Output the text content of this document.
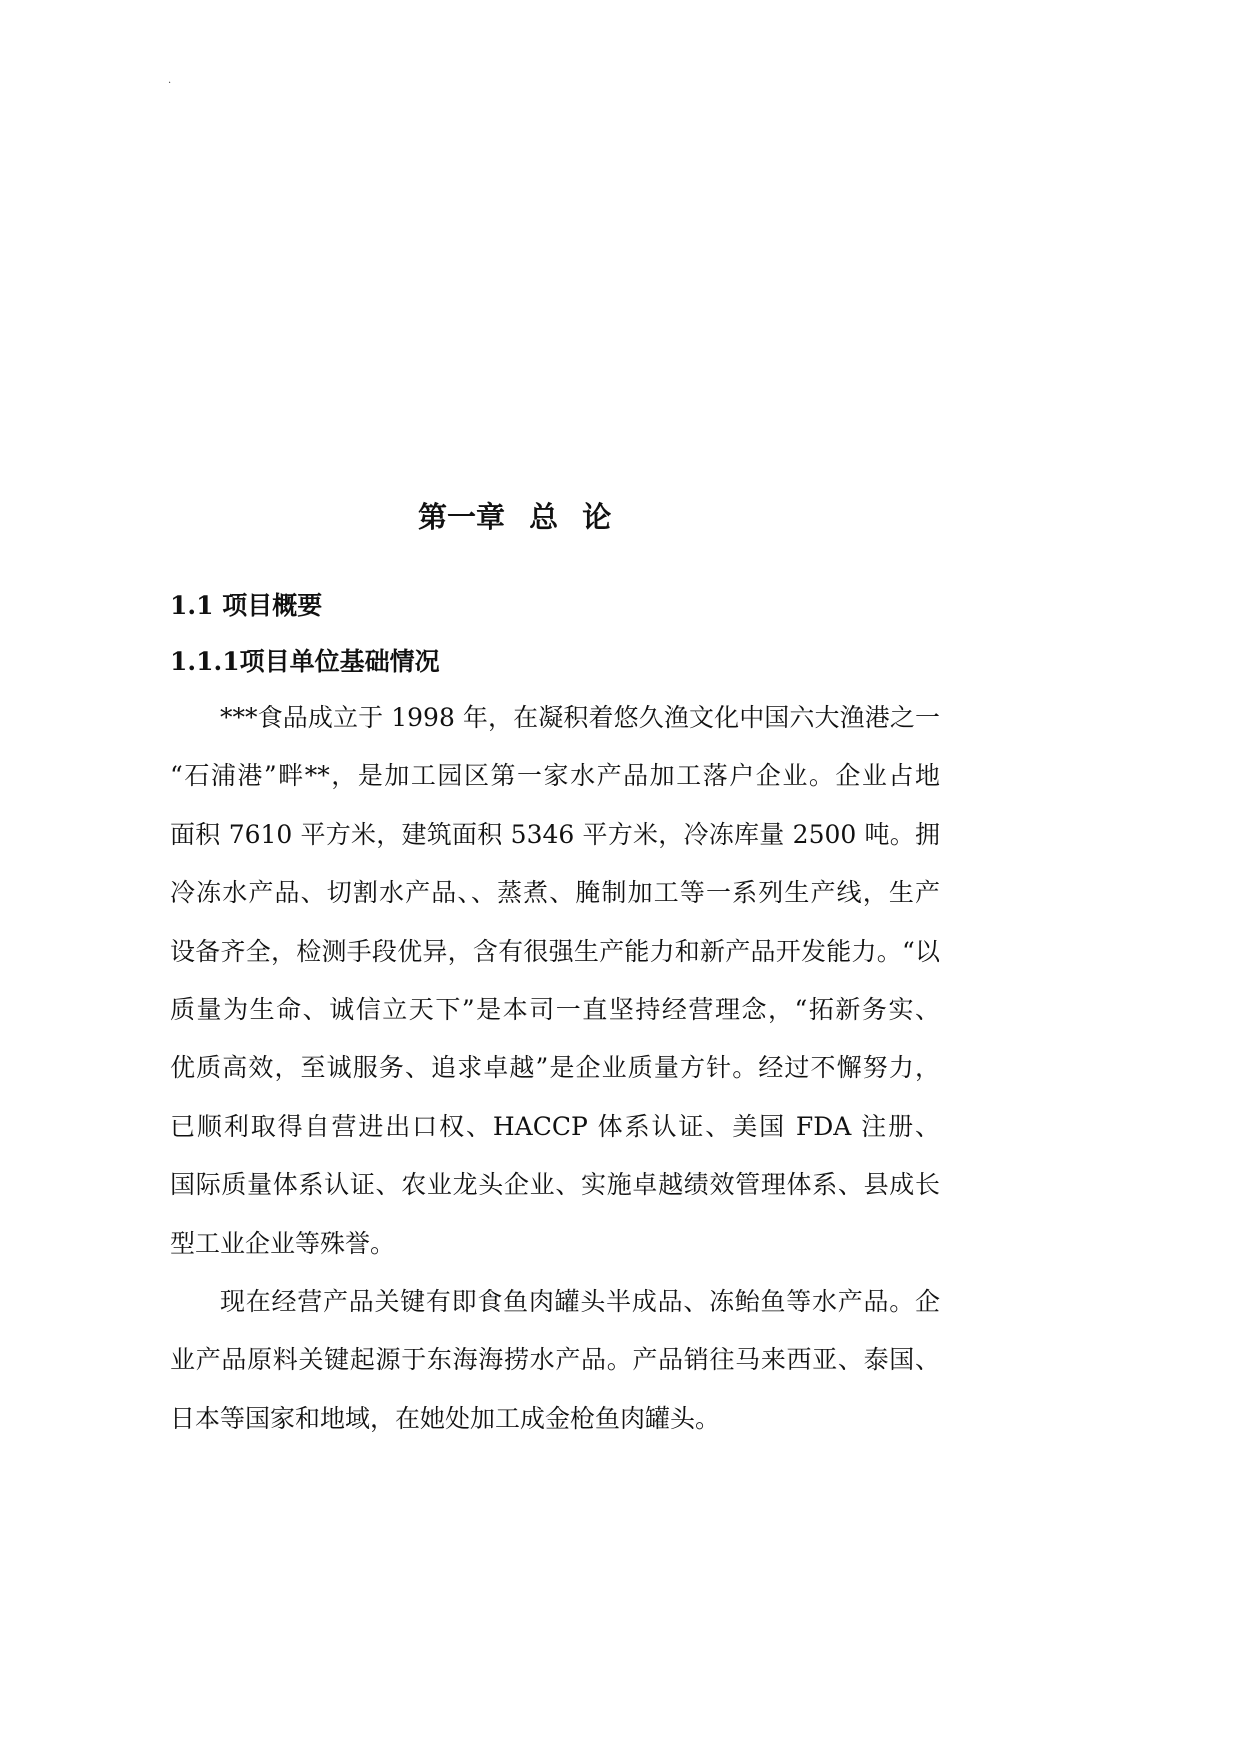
.
第一章 总 论
1.1 项目概要
1.1.1项目单位基础情况

***食品成立于 1998 年，在凝积着悠久渔文化中国六大渔港之一
“石浦港”畔**，是加工园区第一家水产品加工落户企业。企业占地
面积 7610 平方米，建筑面积 5346 平方米，冷冻库量 2500 吨。拥
冷冻水产品、切割水产品、、蒸煮、腌制加工等一系列生产线，生产
设备齐全，检测手段优异，含有很强生产能力和新产品开发能力。“以
质量为生命、诚信立天下”是本司一直坚持经营理念，“拓新务实、
优质高效，至诚服务、追求卓越”是企业质量方针。经过不懈努力，
已顺利取得自营进出口权、HACCP 体系认证、美国 FDA 注册、
国际质量体系认证、农业龙头企业、实施卓越绩效管理体系、县成长
型工业企业等殊誉。

现在经营产品关键有即食鱼肉罐头半成品、冻鲐鱼等水产品。企
业产品原料关键起源于东海海捞水产品。产品销往马来西亚、泰国、
日本等国家和地域，在她处加工成金枪鱼肉罐头。
